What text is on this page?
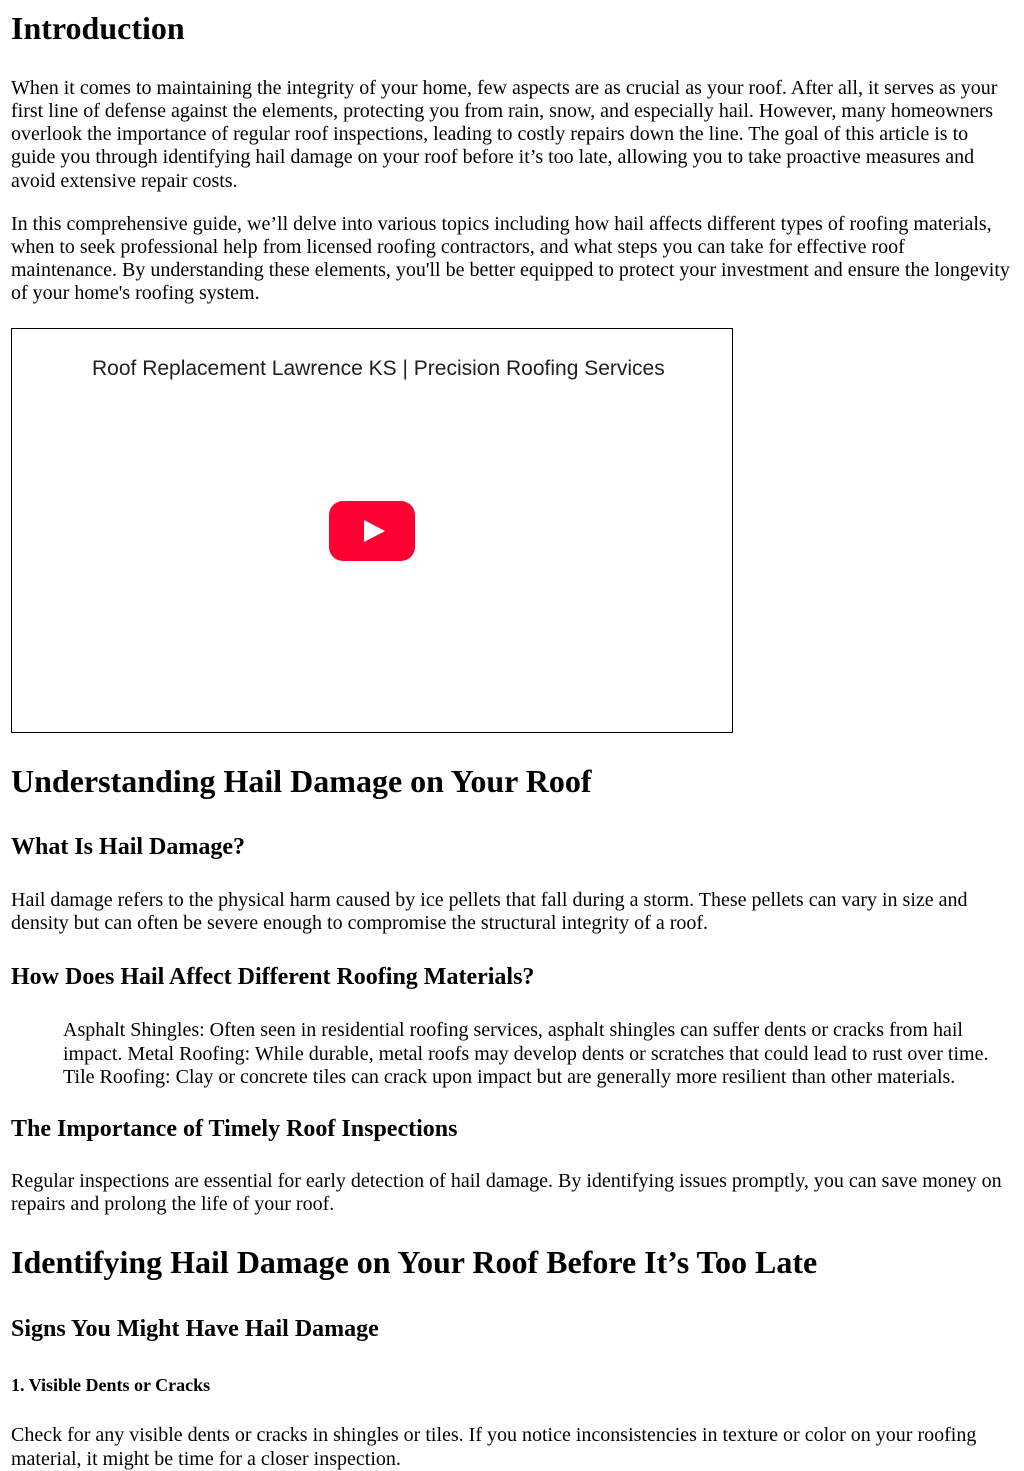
Introduction

When it comes to maintaining the integrity of your home, few aspects are as crucial as your roof. After all, it serves as your first line of defense against the elements, protecting you from rain, snow, and especially hail. However, many homeowners overlook the importance of regular roof inspections, leading to costly repairs down the line. The goal of this article is to guide you through identifying hail damage on your roof before it’s too late, allowing you to take proactive measures and avoid extensive repair costs.

In this comprehensive guide, we’ll delve into various topics including how hail affects different types of roofing materials, when to seek professional help from licensed roofing contractors, and what steps you can take for effective roof maintenance. By understanding these elements, you'll be better equipped to protect your investment and ensure the longevity of your home's roofing system.

Roof Replacement Lawrence KS | Precision Roofing Services
Understanding Hail Damage on Your Roof
What Is Hail Damage?

Hail damage refers to the physical harm caused by ice pellets that fall during a storm. These pellets can vary in size and density but can often be severe enough to compromise the structural integrity of a roof.

How Does Hail Affect Different Roofing Materials?
Asphalt Shingles: Often seen in residential roofing services, asphalt shingles can suffer dents or cracks from hail impact. Metal Roofing: While durable, metal roofs may develop dents or scratches that could lead to rust over time. Tile Roofing: Clay or concrete tiles can crack upon impact but are generally more resilient than other materials.
The Importance of Timely Roof Inspections

Regular inspections are essential for early detection of hail damage. By identifying issues promptly, you can save money on repairs and prolong the life of your roof.

Identifying Hail Damage on Your Roof Before It’s Too Late
Signs You Might Have Hail Damage
1. Visible Dents or Cracks

Check for any visible dents or cracks in shingles or tiles. If you notice inconsistencies in texture or color on your roofing material, it might be time for a closer inspection.
